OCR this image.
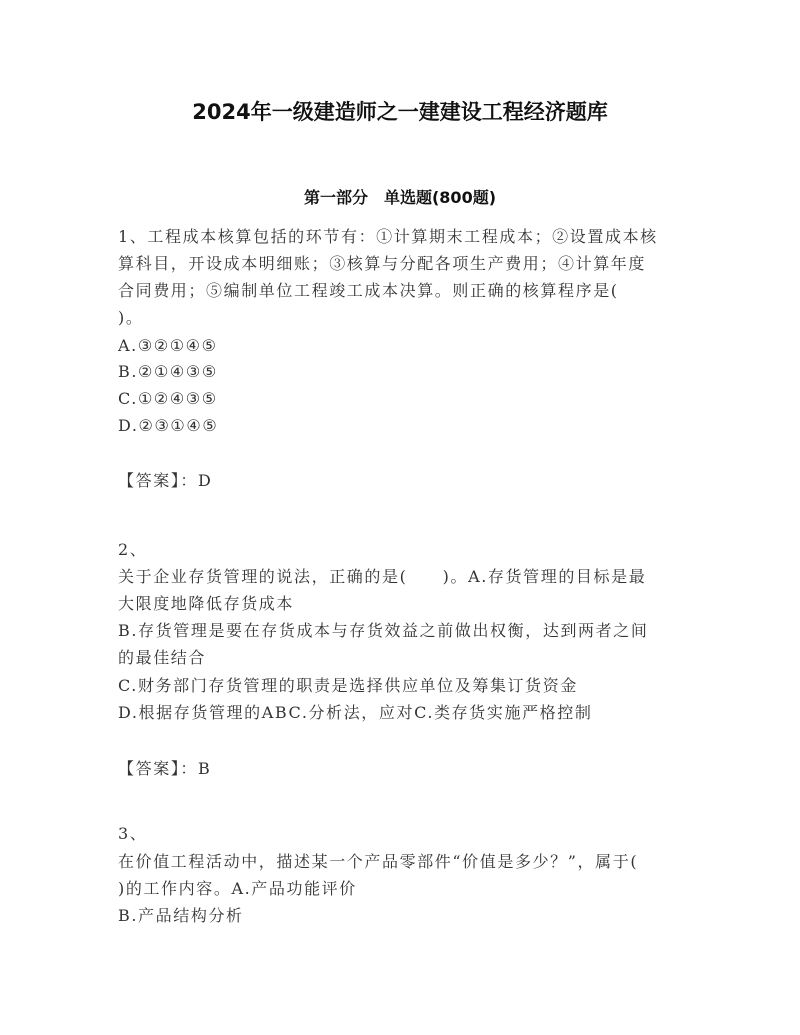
2024年一级建造师之一建建设工程经济题库
第一部分　单选题(800题)
1、工程成本核算包括的环节有：①计算期末工程成本；②设置成本核
算科目，开设成本明细账；③核算与分配各项生产费用；④计算年度
合同费用；⑤编制单位工程竣工成本决算。则正确的核算程序是(
)。
A.③②①④⑤
B.②①④③⑤
C.①②④③⑤
D.②③①④⑤
【答案】：D
2、
关于企业存货管理的说法，正确的是(　　)。A.存货管理的目标是最
大限度地降低存货成本
B.存货管理是要在存货成本与存货效益之前做出权衡，达到两者之间
的最佳结合
C.财务部门存货管理的职责是选择供应单位及筹集订货资金
D.根据存货管理的ABC.分析法，应对C.类存货实施严格控制
【答案】：B
3、
在价值工程活动中，描述某一个产品零部件“价值是多少？”，属于(
)的工作内容。A.产品功能评价
B.产品结构分析
